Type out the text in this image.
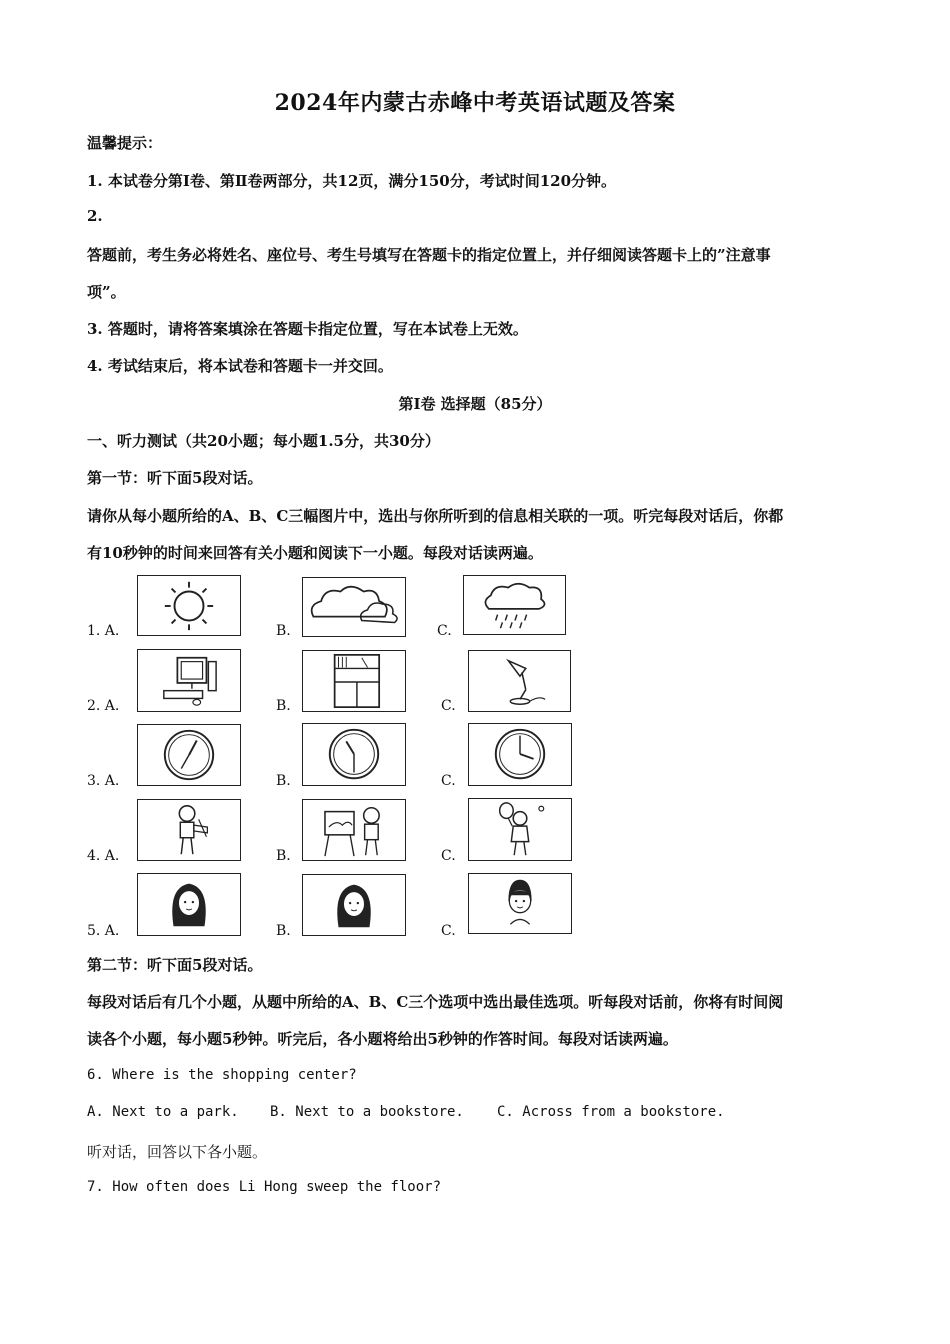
2024年内蒙古赤峰中考英语试题及答案
温馨提示：
1. 本试卷分第Ⅰ卷、第Ⅱ卷两部分，共12页，满分150分，考试时间120分钟。
2.
答题前，考生务必将姓名、座位号、考生号填写在答题卡的指定位置上，并仔细阅读答题卡上的”注意事
项”。
3. 答题时，请将答案填涂在答题卡指定位置，写在本试卷上无效。
4. 考试结束后，将本试卷和答题卡一并交回。
第Ⅰ卷 选择题（85分）
一、听力测试（共20小题；每小题1.5分，共30分）
第一节：听下面5段对话。
请你从每小题所给的A、B、C三幅图片中，选出与你所听到的信息相关联的一项。听完每段对话后，你都
有10秒钟的时间来回答有关小题和阅读下一小题。每段对话读两遍。
1. A.	B.	C.
2. A.	B.	C.
3. A.	B.	C.
4. A.	B.	C.
5. A.	B.	C.
第二节：听下面5段对话。
每段对话后有几个小题，从题中所给的A、B、C三个选项中选出最佳选项。听每段对话前，你将有时间阅
读各个小题，每小题5秒钟。听完后，各小题将给出5秒钟的作答时间。每段对话读两遍。
6. Where is the shopping center?
A. Next to a park. B. Next to a bookstore. C. Across from a bookstore.
听对话，回答以下各小题。
7. How often does Li Hong sweep the floor?
